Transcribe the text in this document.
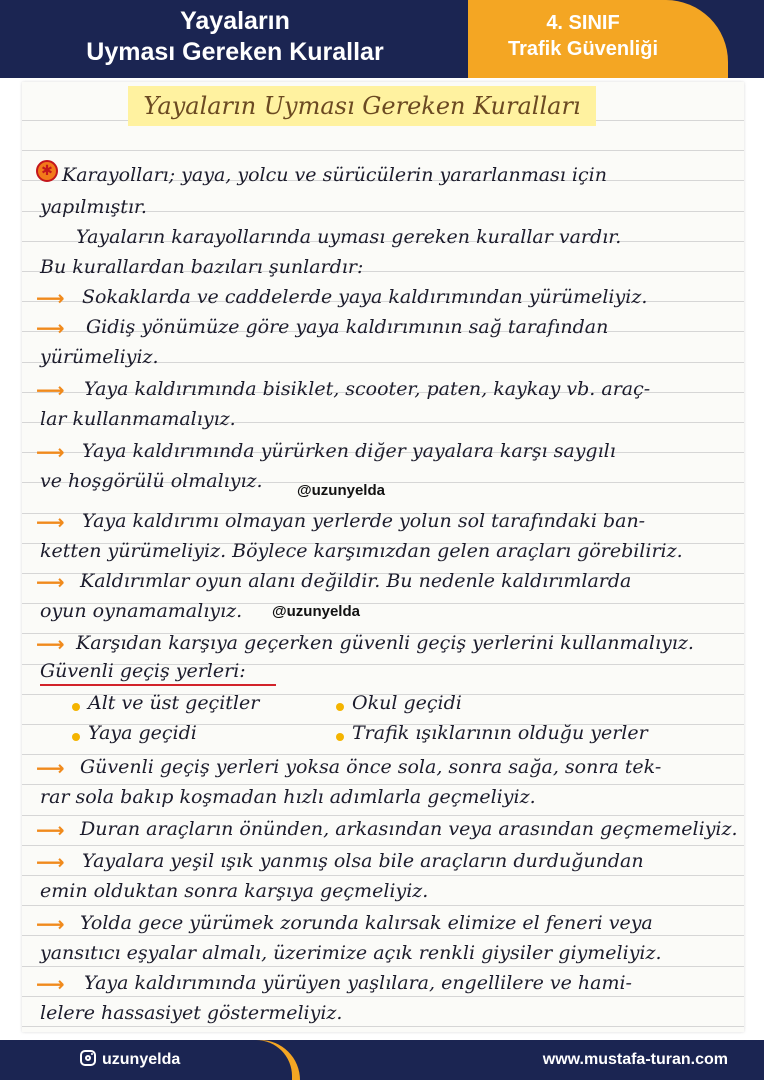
Yayaların
Uyması Gereken Kurallar
4. SINIF
Trafik Güvenliği
Yayaların Uyması Gereken Kuralları
✱ Karayolları; yaya, yolcu ve sürücülerin yararlanması için
yapılmıştır.
Yayaların karayollarında uyması gereken kurallar vardır.
Bu kurallardan bazıları şunlardır:
Sokaklarda ve caddelerde yaya kaldırımından yürümeliyiz.
Gidiş yönümüze göre yaya kaldırımının sağ tarafından
yürümeliyiz.
Yaya kaldırımında bisiklet, scooter, paten, kaykay vb. araç-
lar kullanmamalıyız.
Yaya kaldırımında yürürken diğer yayalara karşı saygılı
ve hoşgörülü olmalıyız.
Yaya kaldırımı olmayan yerlerde yolun sol tarafındaki ban-
ketten yürümeliyiz. Böylece karşımızdan gelen araçları görebiliriz.
Kaldırımlar oyun alanı değildir. Bu nedenle kaldırımlarda
oyun oynamamalıyız.
Karşıdan karşıya geçerken güvenli geçiş yerlerini kullanmalıyız.
Güvenli geçiş yerleri:
Güvenli geçiş yerleri yoksa önce sola, sonra sağa, sonra tek-
rar sola bakıp koşmadan hızlı adımlarla geçmeliyiz.
Duran araçların önünden, arkasından veya arasından geçmemeliyiz.
Yayalara yeşil ışık yanmış olsa bile araçların durduğundan
emin olduktan sonra karşıya geçmeliyiz.
Yolda gece yürümek zorunda kalırsak elimize el feneri veya
yansıtıcı eşyalar almalı, üzerimize açık renkli giysiler giymeliyiz.
Yaya kaldırımında yürüyen yaşlılara, engellilere ve hami-
lelere hassasiyet göstermeliyiz.
⟶
⟶
⟶
⟶
⟶
⟶
⟶
⟶
⟶
⟶
⟶
⟶
Alt ve üst geçitler	Okul geçidi
Yaya geçidi	Trafik ışıklarının olduğu yerler
@uzunyelda
@uzunyelda
uzunyelda	www.mustafa-turan.com
